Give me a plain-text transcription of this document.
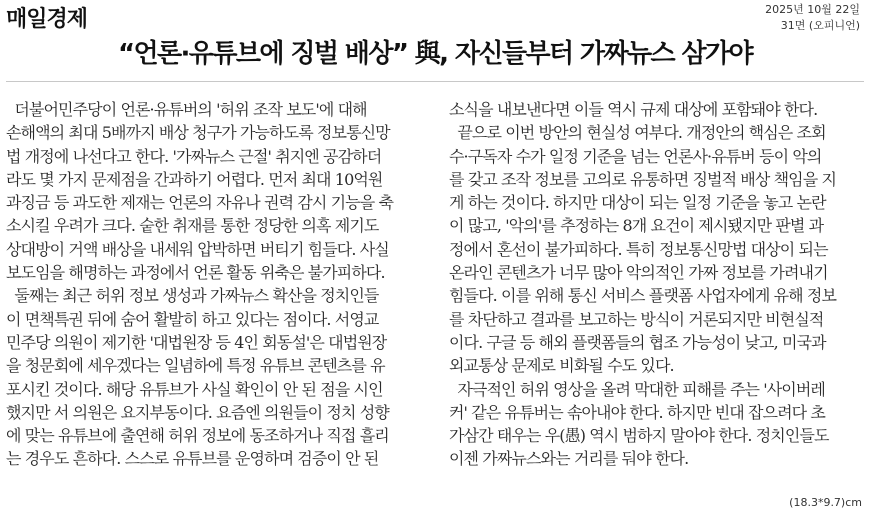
매일경제	2025년 10월 22일
31면 (오피니언)
“언론·유튜브에 징벌 배상” 與, 자신들부터 가짜뉴스 삼가야
더불어민주당이 언론·유튜버의 '허위 조작 보도'에 대해
손해액의 최대 5배까지 배상 청구가 가능하도록 정보통신망
법 개정에 나선다고 한다. '가짜뉴스 근절' 취지엔 공감하더
라도 몇 가지 문제점을 간과하기 어렵다. 먼저 최대 10억원
과징금 등 과도한 제재는 언론의 자유나 권력 감시 기능을 축
소시킬 우려가 크다. 숱한 취재를 통한 정당한 의혹 제기도
상대방이 거액 배상을 내세워 압박하면 버티기 힘들다. 사실
보도임을 해명하는 과정에서 언론 활동 위축은 불가피하다.
둘째는 최근 허위 정보 생성과 가짜뉴스 확산을 정치인들
이 면책특권 뒤에 숨어 활발히 하고 있다는 점이다. 서영교
민주당 의원이 제기한 '대법원장 등 4인 회동설'은 대법원장
을 청문회에 세우겠다는 일념하에 특정 유튜브 콘텐츠를 유
포시킨 것이다. 해당 유튜브가 사실 확인이 안 된 점을 시인
했지만 서 의원은 요지부동이다. 요즘엔 의원들이 정치 성향
에 맞는 유튜브에 출연해 허위 정보에 동조하거나 직접 흘리
는 경우도 흔하다. 스스로 유튜브를 운영하며 검증이 안 된
소식을 내보낸다면 이들 역시 규제 대상에 포함돼야 한다.
끝으로 이번 방안의 현실성 여부다. 개정안의 핵심은 조회
수·구독자 수가 일정 기준을 넘는 언론사·유튜버 등이 악의
를 갖고 조작 정보를 고의로 유통하면 징벌적 배상 책임을 지
게 하는 것이다. 하지만 대상이 되는 일정 기준을 놓고 논란
이 많고, '악의'를 추정하는 8개 요건이 제시됐지만 판별 과
정에서 혼선이 불가피하다. 특히 정보통신망법 대상이 되는
온라인 콘텐츠가 너무 많아 악의적인 가짜 정보를 가려내기
힘들다. 이를 위해 통신 서비스 플랫폼 사업자에게 유해 정보
를 차단하고 결과를 보고하는 방식이 거론되지만 비현실적
이다. 구글 등 해외 플랫폼들의 협조 가능성이 낮고, 미국과
외교통상 문제로 비화될 수도 있다.
자극적인 허위 영상을 올려 막대한 피해를 주는 '사이버레
커' 같은 유튜버는 솎아내야 한다. 하지만 빈대 잡으려다 초
가삼간 태우는 우(愚) 역시 범하지 말아야 한다. 정치인들도
이젠 가짜뉴스와는 거리를 둬야 한다.
(18.3*9.7)cm
